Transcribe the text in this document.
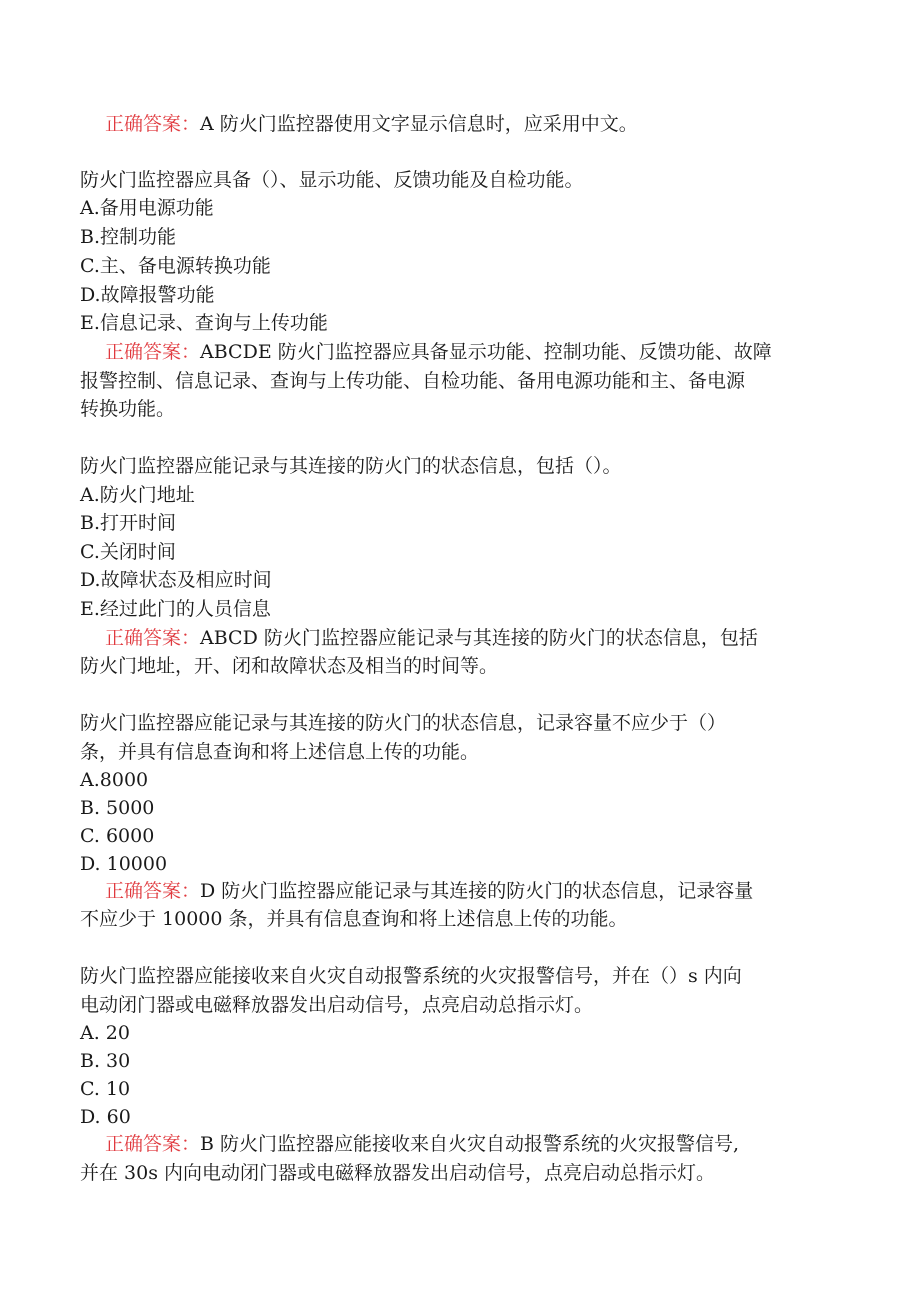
正确答案：A 防火门监控器使用文字显示信息时，应采用中文。
防火门监控器应具备（）、显示功能、反馈功能及自检功能。
A.备用电源功能
B.控制功能
C.主、备电源转换功能
D.故障报警功能
E.信息记录、查询与上传功能
正确答案：ABCDE 防火门监控器应具备显示功能、控制功能、反馈功能、故障
报警控制、信息记录、查询与上传功能、自检功能、备用电源功能和主、备电源
转换功能。
防火门监控器应能记录与其连接的防火门的状态信息，包括（）。
A.防火门地址
B.打开时间
C.关闭时间
D.故障状态及相应时间
E.经过此门的人员信息
正确答案：ABCD 防火门监控器应能记录与其连接的防火门的状态信息，包括
防火门地址，开、闭和故障状态及相当的时间等。
防火门监控器应能记录与其连接的防火门的状态信息，记录容量不应少于（）
条，并具有信息查询和将上述信息上传的功能。
A.8000
B. 5000
C. 6000
D. 10000
正确答案：D 防火门监控器应能记录与其连接的防火门的状态信息，记录容量
不应少于 10000 条，并具有信息查询和将上述信息上传的功能。
防火门监控器应能接收来自火灾自动报警系统的火灾报警信号，并在（）s 内向
电动闭门器或电磁释放器发出启动信号，点亮启动总指示灯。
A. 20
B. 30
C. 10
D. 60
正确答案：B 防火门监控器应能接收来自火灾自动报警系统的火灾报警信号,
并在 30s 内向电动闭门器或电磁释放器发出启动信号，点亮启动总指示灯。
